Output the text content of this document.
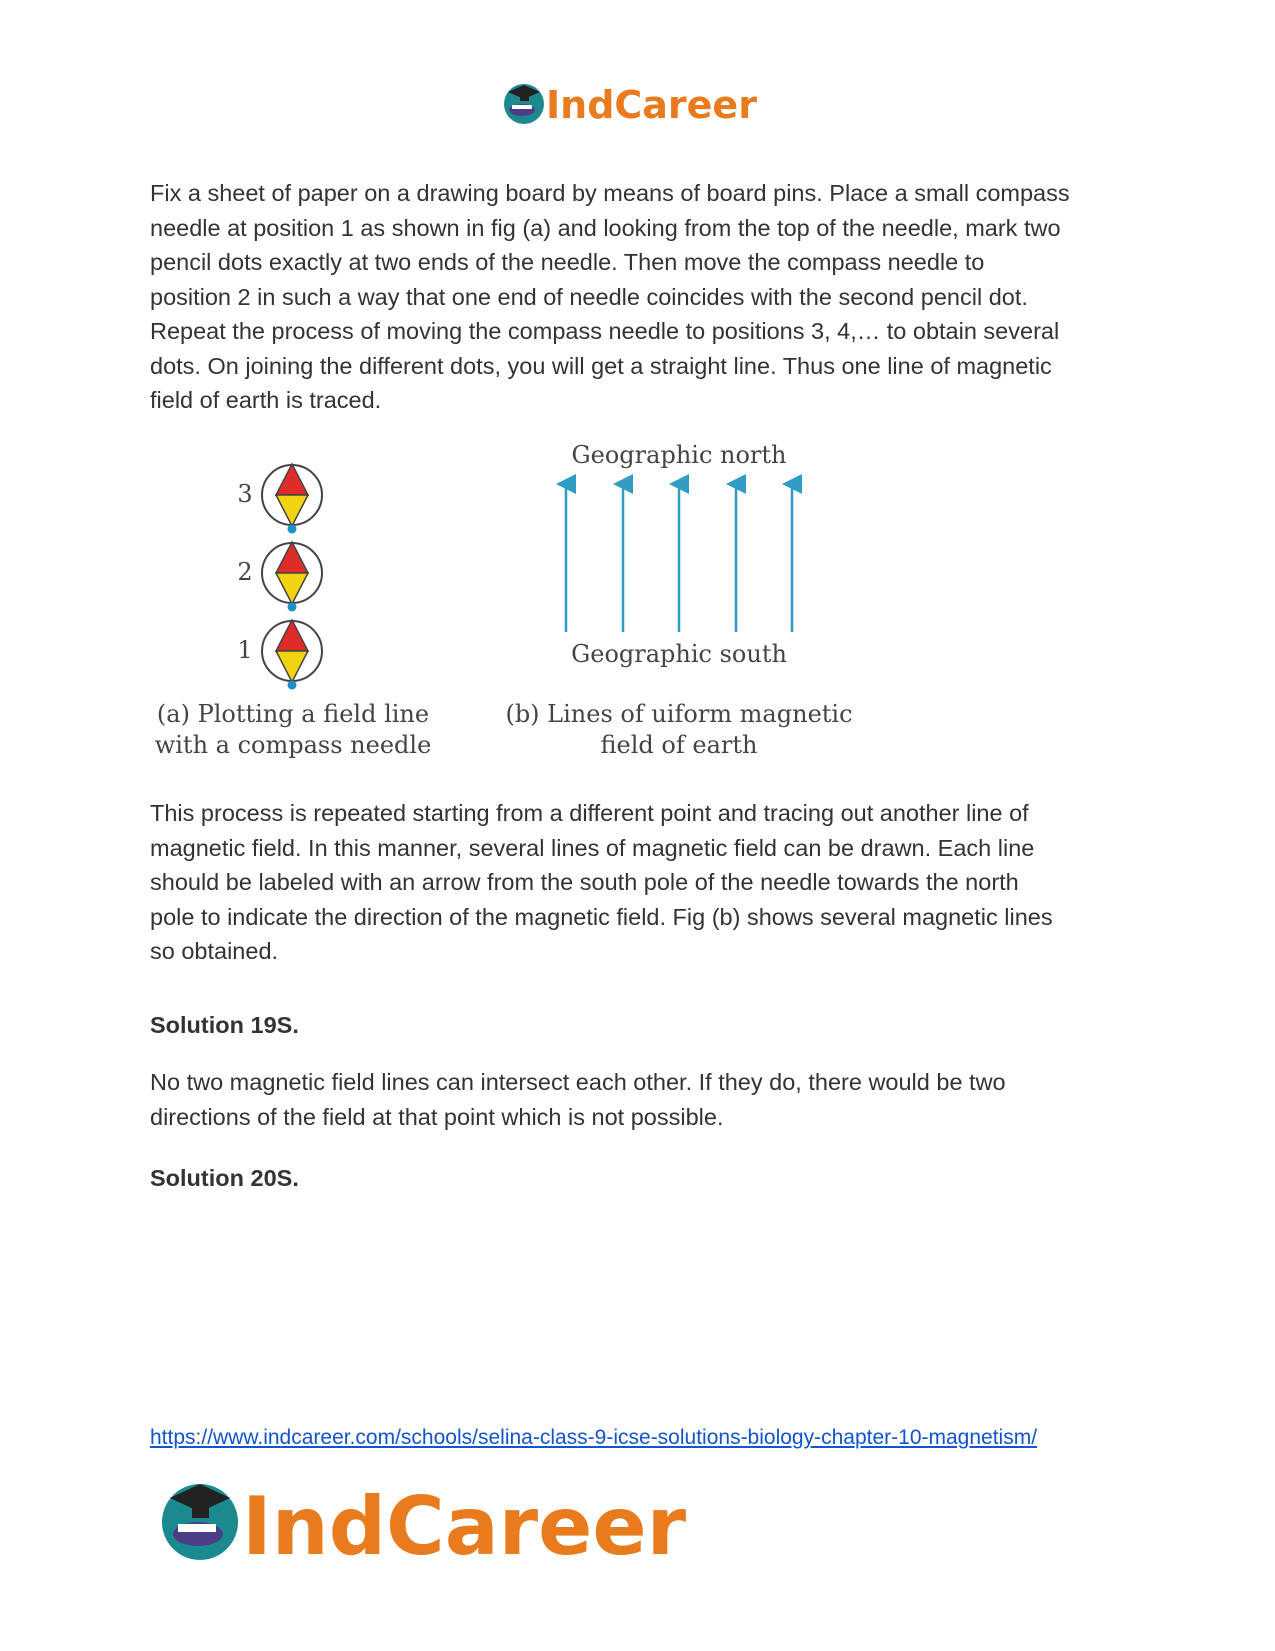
IndCareer

Fix a sheet of paper on a drawing board by means of board pins. Place a small compass
needle at position 1 as shown in fig (a) and looking from the top of the needle, mark two
pencil dots exactly at two ends of the needle. Then move the compass needle to
position 2 in such a way that one end of needle coincides with the second pencil dot.
Repeat the process of moving the compass needle to positions 3, 4,… to obtain several
dots. On joining the different dots, you will get a straight line. Thus one line of magnetic
field of earth is traced.

3
2
1
(a) Plotting a field line
with a compass needle
Geographic north
Geographic south
(b) Lines of uiform magnetic
field of earth

This process is repeated starting from a different point and tracing out another line of
magnetic field. In this manner, several lines of magnetic field can be drawn. Each line
should be labeled with an arrow from the south pole of the needle towards the north
pole to indicate the direction of the magnetic field. Fig (b) shows several magnetic lines
so obtained.

Solution 19S.

No two magnetic field lines can intersect each other. If they do, there would be two
directions of the field at that point which is not possible.

Solution 20S.

https://www.indcareer.com/schools/selina-class-9-icse-solutions-biology-chapter-10-magnetism/
IndCareer
